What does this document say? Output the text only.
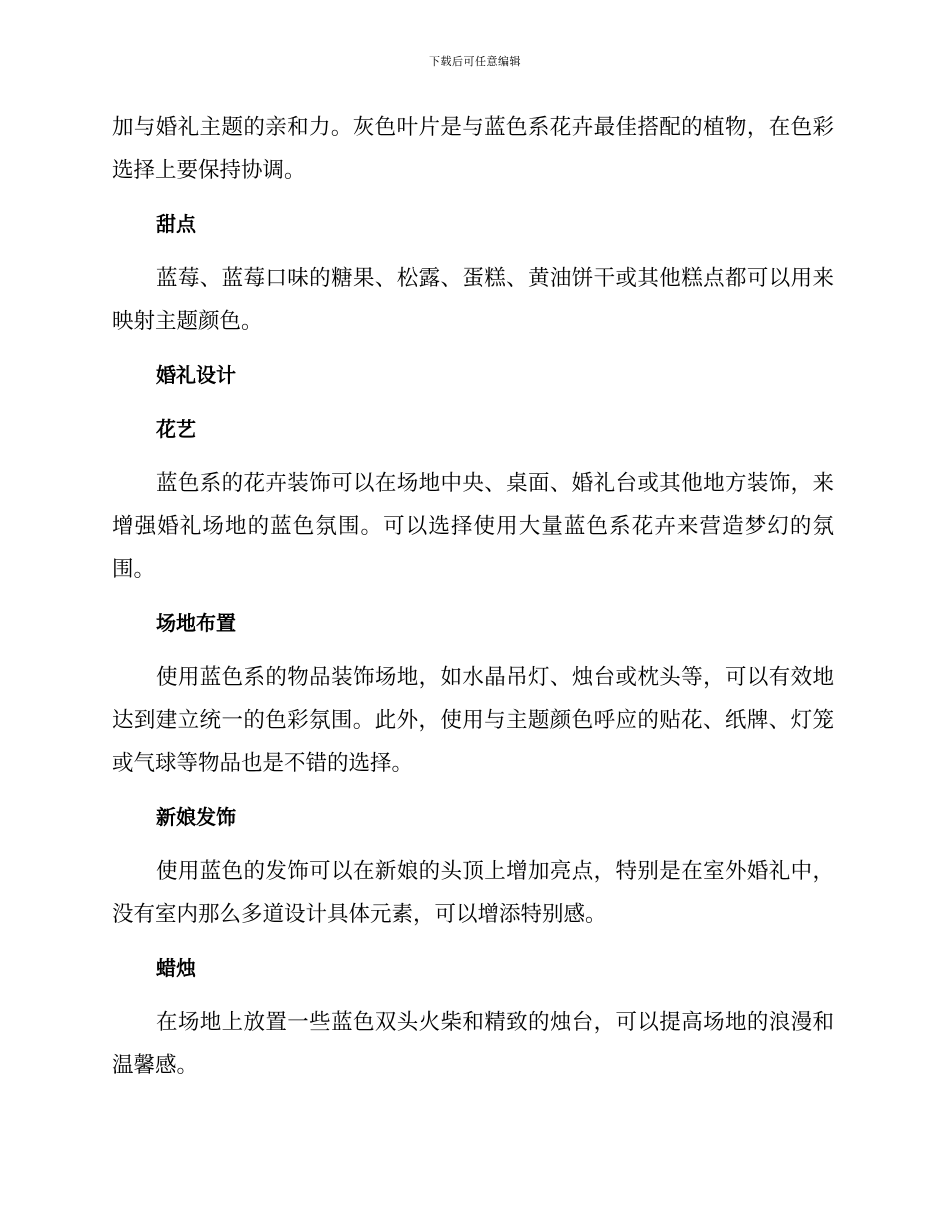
下载后可任意编辑

加与婚礼主题的亲和力。灰色叶片是与蓝色系花卉最佳搭配的植物，在色彩选择上要保持协调。

甜点

蓝莓、蓝莓口味的糖果、松露、蛋糕、黄油饼干或其他糕点都可以用来映射主题颜色。

婚礼设计
花艺

蓝色系的花卉装饰可以在场地中央、桌面、婚礼台或其他地方装饰，来增强婚礼场地的蓝色氛围。可以选择使用大量蓝色系花卉来营造梦幻的氛围。

场地布置

使用蓝色系的物品装饰场地，如水晶吊灯、烛台或枕头等，可以有效地达到建立统一的色彩氛围。此外，使用与主题颜色呼应的贴花、纸牌、灯笼或气球等物品也是不错的选择。

新娘发饰

使用蓝色的发饰可以在新娘的头顶上增加亮点，特别是在室外婚礼中，没有室内那么多道设计具体元素，可以增添特别感。

蜡烛

在场地上放置一些蓝色双头火柴和精致的烛台，可以提高场地的浪漫和温馨感。
